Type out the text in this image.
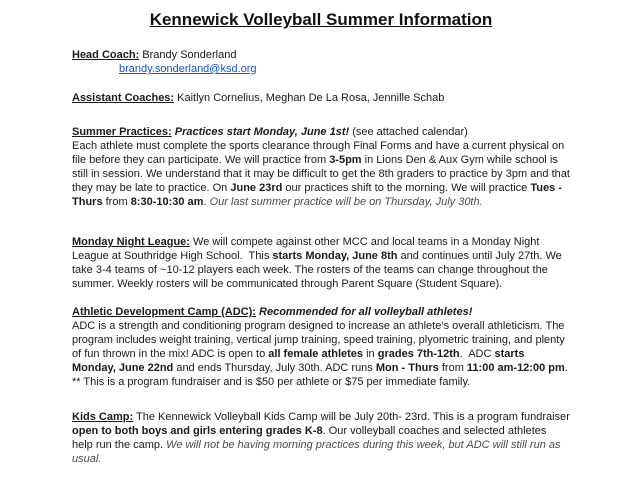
Kennewick Volleyball Summer Information
Head Coach: Brandy Sonderland
brandy.sonderland@ksd.org
Assistant Coaches: Kaitlyn Cornelius, Meghan De La Rosa, Jennille Schab
Summer Practices: Practices start Monday, June 1st! (see attached calendar)
Each athlete must complete the sports clearance through Final Forms and have a current physical on file before they can participate. We will practice from 3-5pm in Lions Den & Aux Gym while school is still in session. We understand that it may be difficult to get the 8th graders to practice by 3pm and that they may be late to practice. On June 23rd our practices shift to the morning. We will practice Tues - Thurs from 8:30-10:30 am. Our last summer practice will be on Thursday, July 30th.
Monday Night League: We will compete against other MCC and local teams in a Monday Night League at Southridge High School.  This starts Monday, June 8th and continues until July 27th. We take 3-4 teams of ~10-12 players each week. The rosters of the teams can change throughout the summer. Weekly rosters will be communicated through Parent Square (Student Square).
Athletic Development Camp (ADC): Recommended for all volleyball athletes!
ADC is a strength and conditioning program designed to increase an athlete’s overall athleticism. The program includes weight training, vertical jump training, speed training, plyometric training, and plenty of fun thrown in the mix! ADC is open to all female athletes in grades 7th-12th.  ADC starts Monday, June 22nd and ends Thursday, July 30th. ADC runs Mon - Thurs from 11:00 am-12:00 pm. ** This is a program fundraiser and is $50 per athlete or $75 per immediate family.
Kids Camp: The Kennewick Volleyball Kids Camp will be July 20th- 23rd. This is a program fundraiser open to both boys and girls entering grades K-8. Our volleyball coaches and selected athletes help run the camp. We will not be having morning practices during this week, but ADC will still run as usual.
